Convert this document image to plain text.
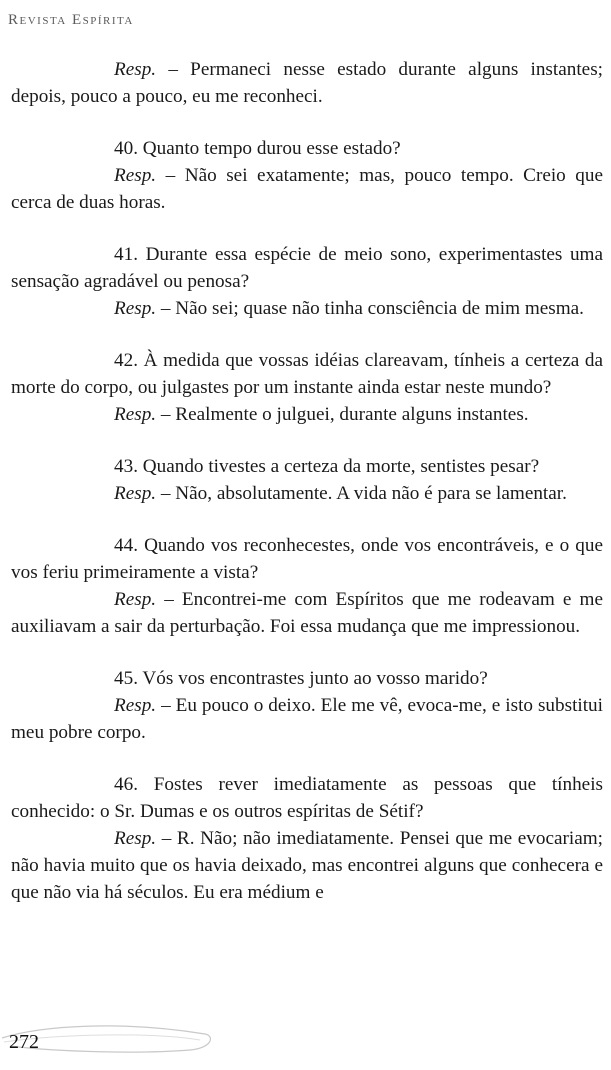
Revista Espírita

Resp. – Permaneci nesse estado durante alguns instantes; depois, pouco a pouco, eu me reconheci.

40. Quanto tempo durou esse estado?

Resp. – Não sei exatamente; mas, pouco tempo. Creio que cerca de duas horas.

41. Durante essa espécie de meio sono, experimentastes uma sensação agradável ou penosa?

Resp. – Não sei; quase não tinha consciência de mim mesma.

42. À medida que vossas idéias clareavam, tínheis a certeza da morte do corpo, ou julgastes por um instante ainda estar neste mundo?

Resp. – Realmente o julguei, durante alguns instantes.

43. Quando tivestes a certeza da morte, sentistes pesar?

Resp. – Não, absolutamente. A vida não é para se lamentar.

44. Quando vos reconhecestes, onde vos encontráveis, e o que vos feriu primeiramente a vista?

Resp. – Encontrei-me com Espíritos que me rodeavam e me auxiliavam a sair da perturbação. Foi essa mudança que me impressionou.

45. Vós vos encontrastes junto ao vosso marido?

Resp. – Eu pouco o deixo. Ele me vê, evoca-me, e isto substitui meu pobre corpo.

46. Fostes rever imediatamente as pessoas que tínheis conhecido: o Sr. Dumas e os outros espíritas de Sétif?

Resp. – R. Não; não imediatamente. Pensei que me evocariam; não havia muito que os havia deixado, mas encontrei alguns que conhecera e que não via há séculos. Eu era médium e

272
